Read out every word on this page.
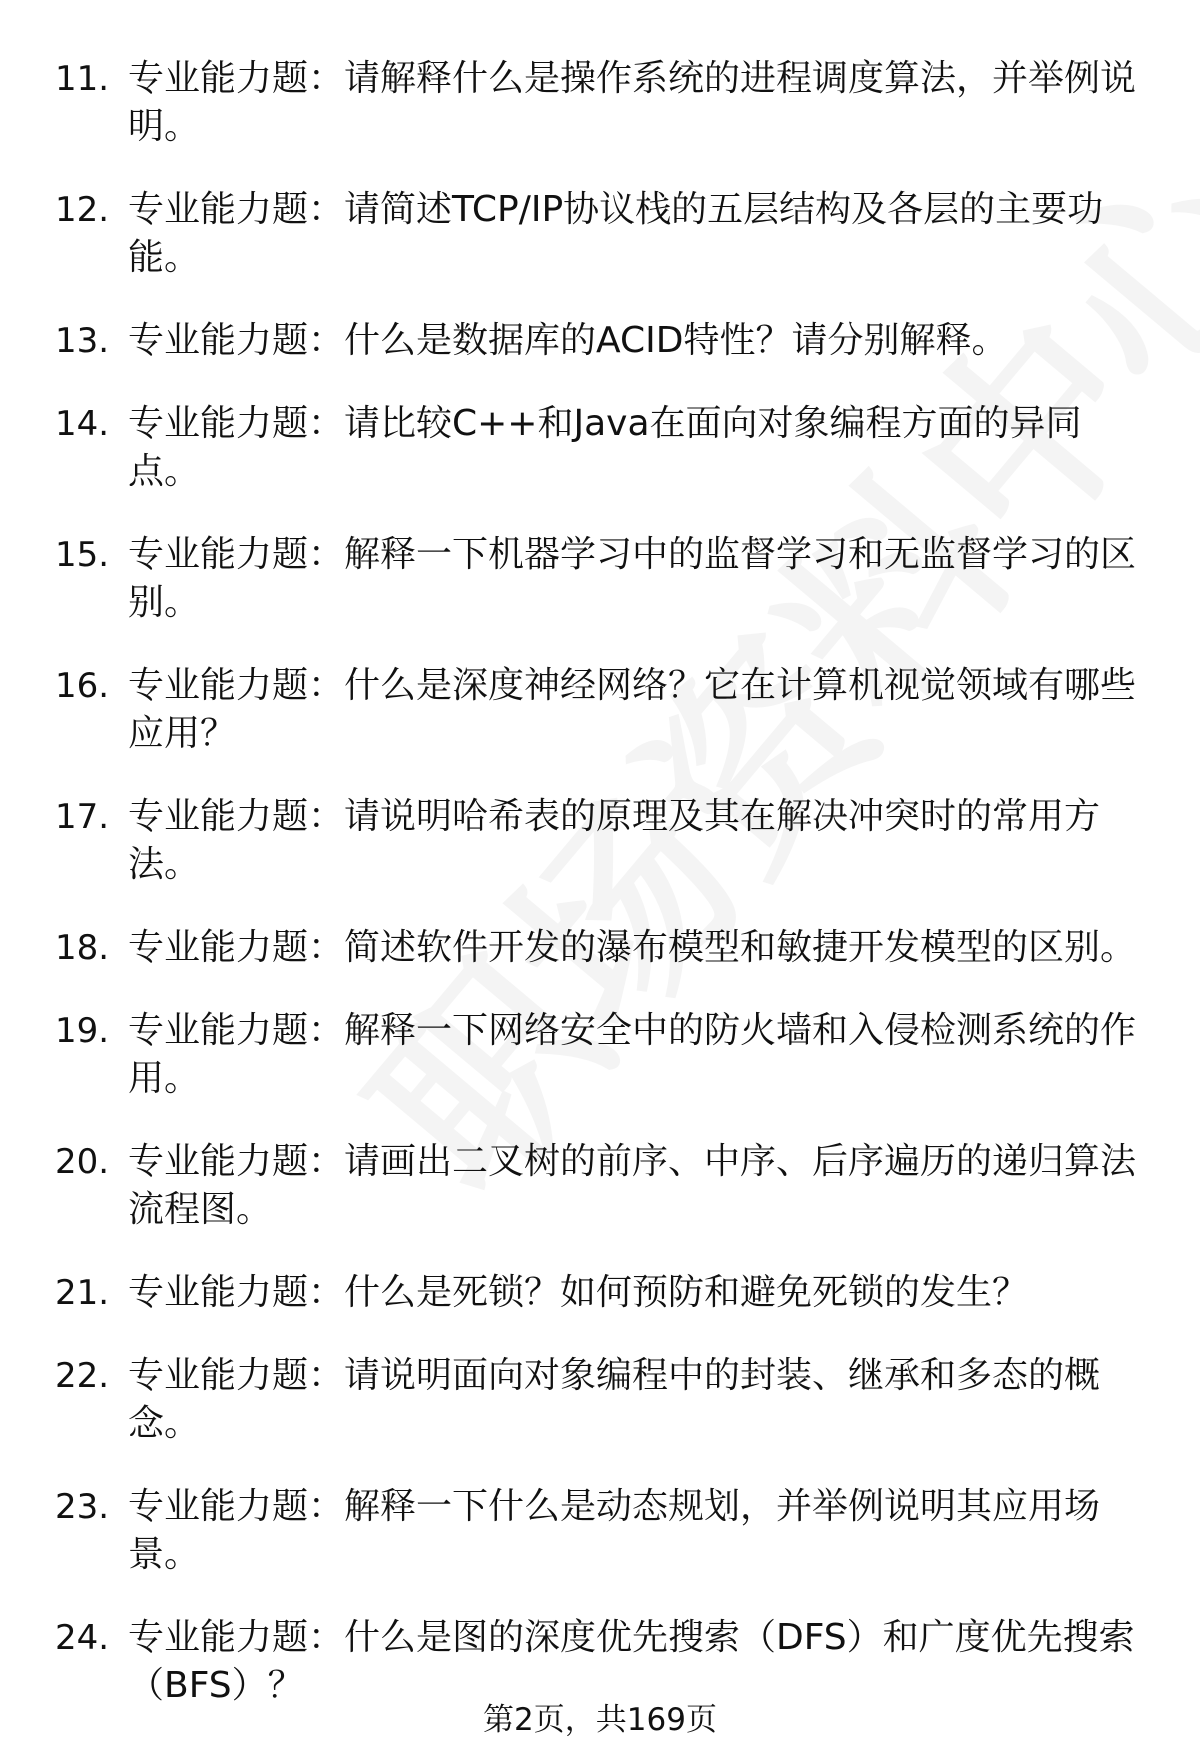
11. 专业能力题：请解释什么是操作系统的进程调度算法，并举例说明。
12. 专业能力题：请简述TCP/IP协议栈的五层结构及各层的主要功能。
13. 专业能力题：什么是数据库的ACID特性？请分别解释。
14. 专业能力题：请比较C++和Java在面向对象编程方面的异同点。
15. 专业能力题：解释一下机器学习中的监督学习和无监督学习的区别。
16. 专业能力题：什么是深度神经网络？它在计算机视觉领域有哪些应用？
17. 专业能力题：请说明哈希表的原理及其在解决冲突时的常用方法。
18. 专业能力题：简述软件开发的瀑布模型和敏捷开发模型的区别。
19. 专业能力题：解释一下网络安全中的防火墙和入侵检测系统的作用。
20. 专业能力题：请画出二叉树的前序、中序、后序遍历的递归算法流程图。
21. 专业能力题：什么是死锁？如何预防和避免死锁的发生？
22. 专业能力题：请说明面向对象编程中的封装、继承和多态的概念。
23. 专业能力题：解释一下什么是动态规划，并举例说明其应用场景。
24. 专业能力题：什么是图的深度优先搜索（DFS）和广度优先搜索（BFS）？
第2页，共169页
